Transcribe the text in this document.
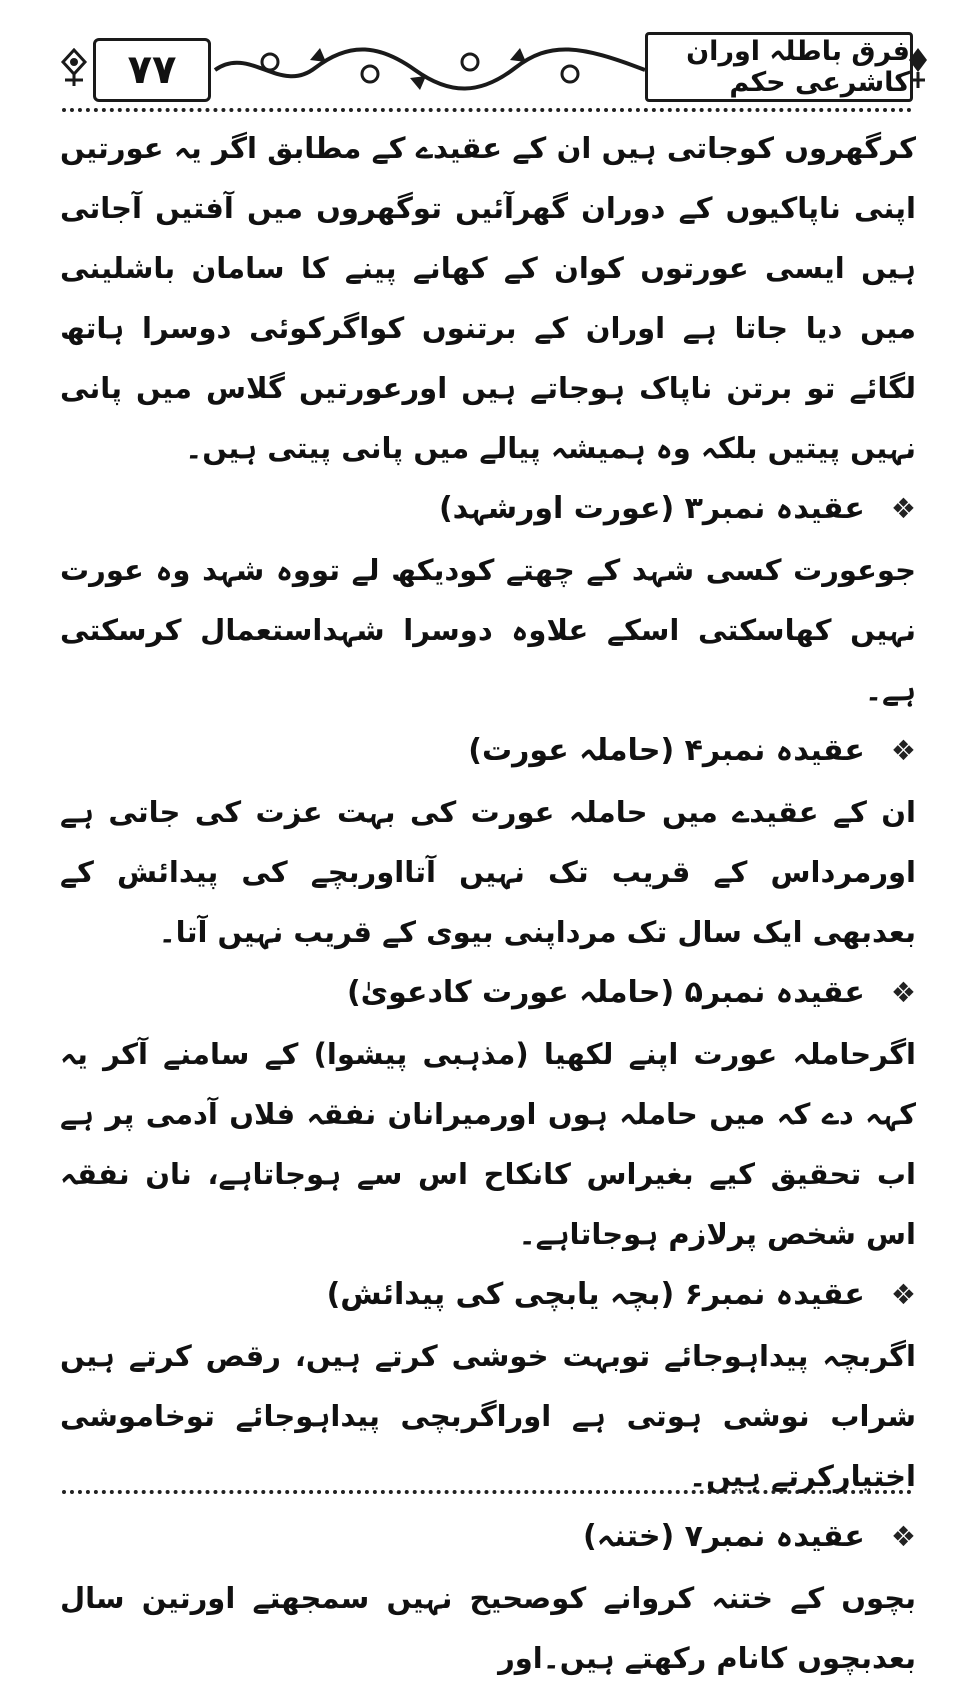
۷۷	فرق باطلہ اوران کاشرعی حکم

کرگھروں کوجاتی ہیں ان کے عقیدے کے مطابق اگر یہ عورتیں اپنی ناپاکیوں کے دوران گھرآئیں توگھروں میں آفتیں آجاتی ہیں ایسی عورتوں کوان کے کھانے پینے کا سامان باشلینی میں دیا جاتا ہے اوران کے برتنوں کواگرکوئی دوسرا ہاتھ لگائے تو برتن ناپاک ہوجاتے ہیں اورعورتیں گلاس میں پانی نہیں پیتیں بلکہ وہ ہمیشہ پیالے میں پانی پیتی ہیں۔

❖
عقیدہ نمبر۳ (عورت اورشہد)

جوعورت کسی شہد کے چھتے کودیکھ لے تووہ شہد وہ عورت نہیں کھاسکتی اسکے علاوہ دوسرا شہداستعمال کرسکتی ہے۔

❖
عقیدہ نمبر۴ (حاملہ عورت)

ان کے عقیدے میں حاملہ عورت کی بہت عزت کی جاتی ہے اورمرداس کے قریب تک نہیں آتااوربچے کی پیدائش کے بعدبھی ایک سال تک مرداپنی بیوی کے قریب نہیں آتا۔

❖
عقیدہ نمبر۵ (حاملہ عورت کادعویٰ)

اگرحاملہ عورت اپنے لکھیا (مذہبی پیشوا) کے سامنے آکر یہ کہہ دے کہ میں حاملہ ہوں اورمیرانان نفقہ فلاں آدمی پر ہے اب تحقیق کیے بغیراس کانکاح اس سے ہوجاتاہے، نان نفقہ اس شخص پرلازم ہوجاتاہے۔

❖
عقیدہ نمبر۶ (بچہ یابچی کی پیدائش)

اگربچہ پیداہوجائے توبہت خوشی کرتے ہیں، رقص کرتے ہیں شراب نوشی ہوتی ہے اوراگربچی پیداہوجائے توخاموشی اختیارکرتے ہیں۔

❖
عقیدہ نمبر۷ (ختنہ)

بچوں کے ختنہ کروانے کوصحیح نہیں سمجھتے اورتین سال بعدبچوں کانام رکھتے ہیں۔اور
